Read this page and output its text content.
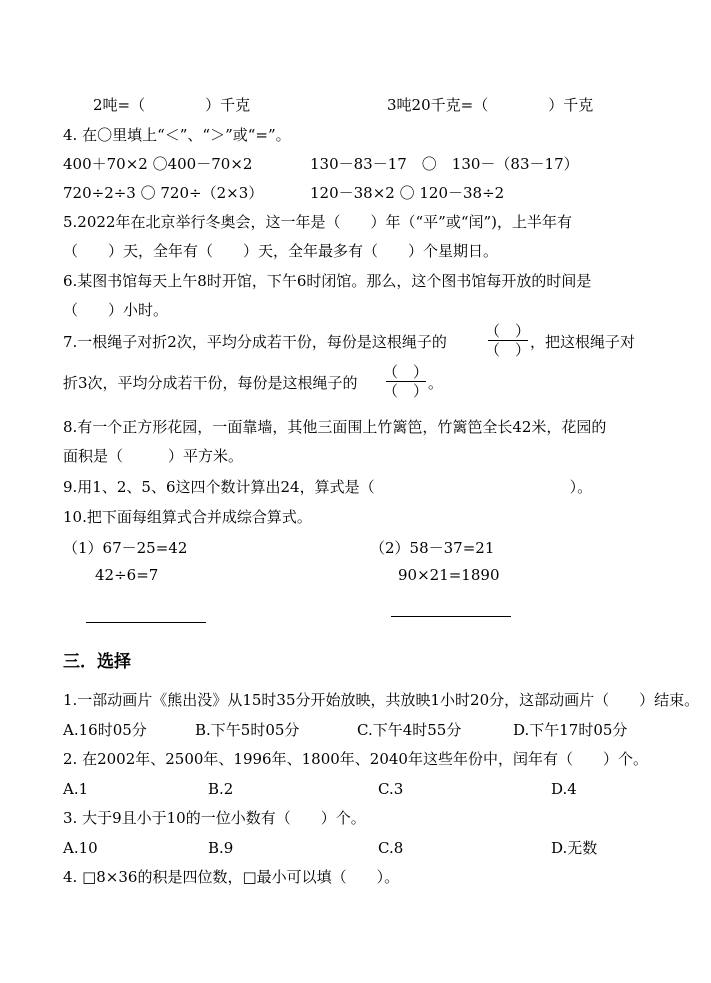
2吨=（　　　　）千克	3吨20千克=（　　　　）千克
4. 在〇里填上“＜”、“＞”或“=”。
400＋70×2 〇400－70×2	130－83－17　〇　130－（83－17）
720÷2÷3 〇 720÷（2×3）	120－38×2 〇 120－38÷2
5.2022年在北京举行冬奥会，这一年是（　　）年（“平”或“闰”)，上半年有
（　　）天，全年有（　　）天，全年最多有（　　）个星期日。
6.某图书馆每天上午8时开馆，下午6时闭馆。那么，这个图书馆每开放的时间是
（　　）小时。
7.一根绳子对折2次，平均分成若干份，每份是这根绳子的
（　）
（　） ，把这根绳子对
折3次，平均分成若干份，每份是这根绳子的
（　）
（　） 。
8.有一个正方形花园，一面靠墙，其他三面围上竹篱笆，竹篱笆全长42米，花园的
面积是（　　　）平方米。
9.用1、2、5、6这四个数计算出24，算式是（　　　　　　　　　　　　　）。
10.把下面每组算式合并成综合算式。
（1）67－25=42	（2）58－37=21
42÷6=7	90×21=1890
三．选择
1.一部动画片《熊出没》从15时35分开始放映，共放映1小时20分，这部动画片（　　）结束。
A.16时05分	B.下午5时05分	C.下午4时55分	D.下午17时05分
2. 在2002年、2500年、1996年、1800年、2040年这些年份中，闰年有（　　）个。
A.1	B.2	C.3	D.4
3. 大于9且小于10的一位小数有（　　）个。
A.10	B.9	C.8	D.无数
4. □8×36的积是四位数，□最小可以填（　　）。
